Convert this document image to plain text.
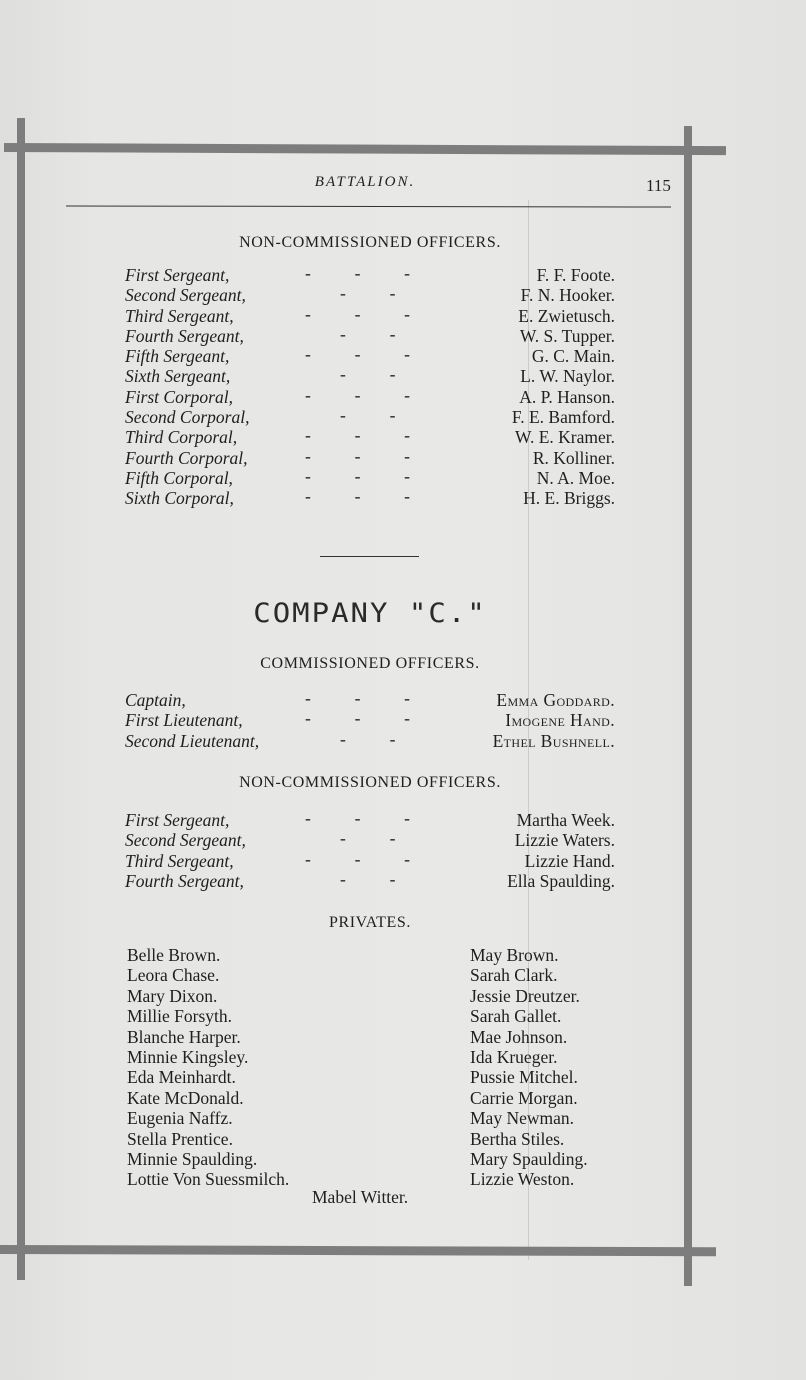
BATTALION.	115
NON-COMMISSIONED OFFICERS.
First Sergeant,	-          -          -	F. F. Foote.
Second Sergeant,	-          -	F. N. Hooker.
Third Sergeant,	-          -          -	E. Zwietusch.
Fourth Sergeant,	-          -	W. S. Tupper.
Fifth Sergeant,	-          -          -	G. C. Main.
Sixth Sergeant,	-          -	L. W. Naylor.
First Corporal,	-          -          -	A. P. Hanson.
Second Corporal,	-          -	F. E. Bamford.
Third Corporal,	-          -          -	W. E. Kramer.
Fourth Corporal,	-          -          -	R. Kolliner.
Fifth Corporal,	-          -          -	N. A. Moe.
Sixth Corporal,	-          -          -	H. E. Briggs.
COMPANY "C."
COMMISSIONED OFFICERS.
Captain,	-          -          -	Emma Goddard.
First Lieutenant,	-          -          -	Imogene Hand.
Second Lieutenant,	-          -	Ethel Bushnell.
NON-COMMISSIONED OFFICERS.
First Sergeant,	-          -          -	Martha Week.
Second Sergeant,	-          -	Lizzie Waters.
Third Sergeant,	-          -          -	Lizzie Hand.
Fourth Sergeant,	-          -	Ella Spaulding.
PRIVATES.
Belle Brown.
Leora Chase.
Mary Dixon.
Millie Forsyth.
Blanche Harper.
Minnie Kingsley.
Eda Meinhardt.
Kate McDonald.
Eugenia Naffz.
Stella Prentice.
Minnie Spaulding.
Lottie Von Suessmilch.
May Brown.
Sarah Clark.
Jessie Dreutzer.
Sarah Gallet.
Mae Johnson.
Ida Krueger.
Pussie Mitchel.
Carrie Morgan.
May Newman.
Bertha Stiles.
Mary Spaulding.
Lizzie Weston.
Mabel Witter.
